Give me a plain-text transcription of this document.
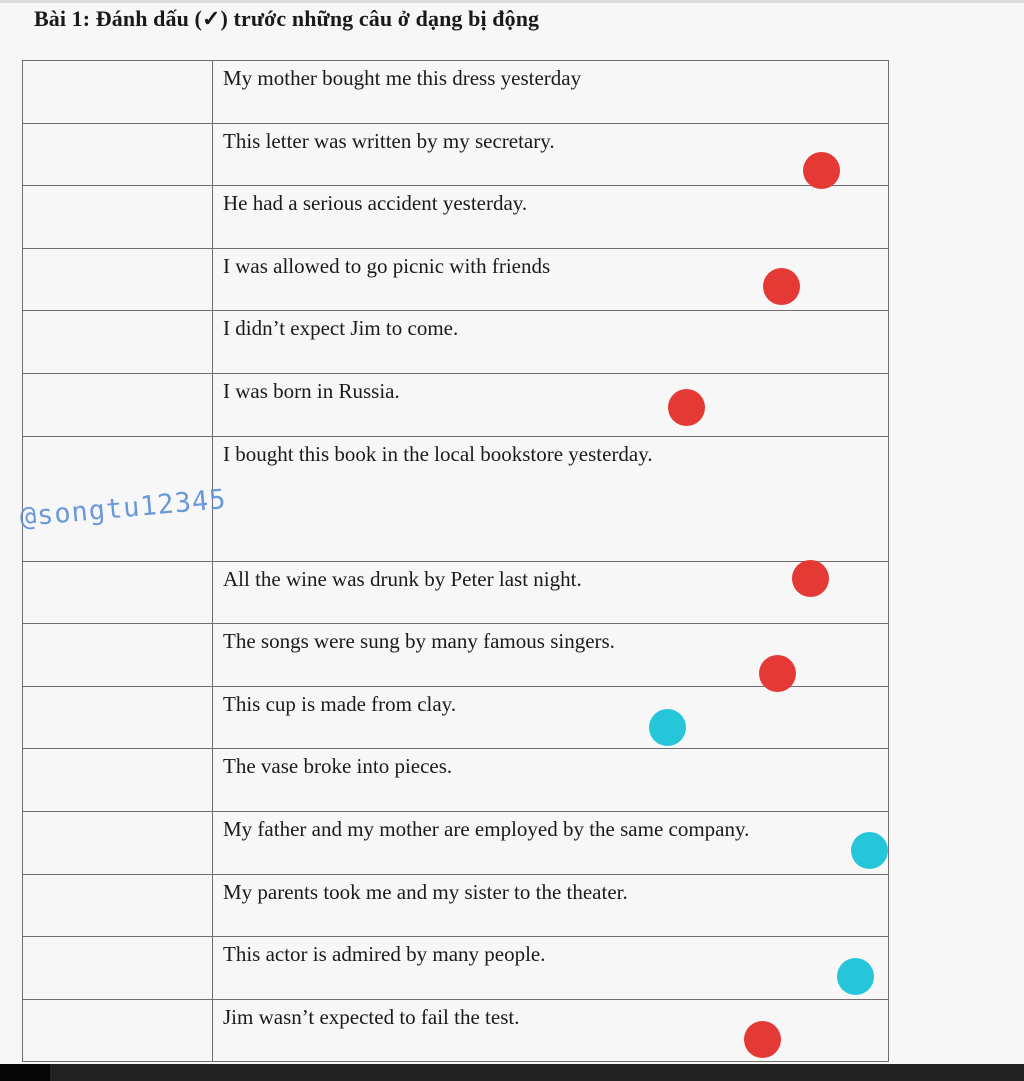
Bài 1: Đánh dấu (✓) trước những câu ở dạng bị động
	My mother bought me this dress yesterday
	This letter was written by my secretary.
	He had a serious accident yesterday.
	I was allowed to go picnic with friends
	I didn’t expect Jim to come.
	I was born in Russia.
	I bought this book in the local bookstore yesterday.
	All the wine was drunk by Peter last night.
	The songs were sung by many famous singers.
	This cup is made from clay.
	The vase broke into pieces.
	My father and my mother are employed by the same company.
	My parents took me and my sister to the theater.
	This actor is admired by many people.
	Jim wasn’t expected to fail the test.
@songtu12345
